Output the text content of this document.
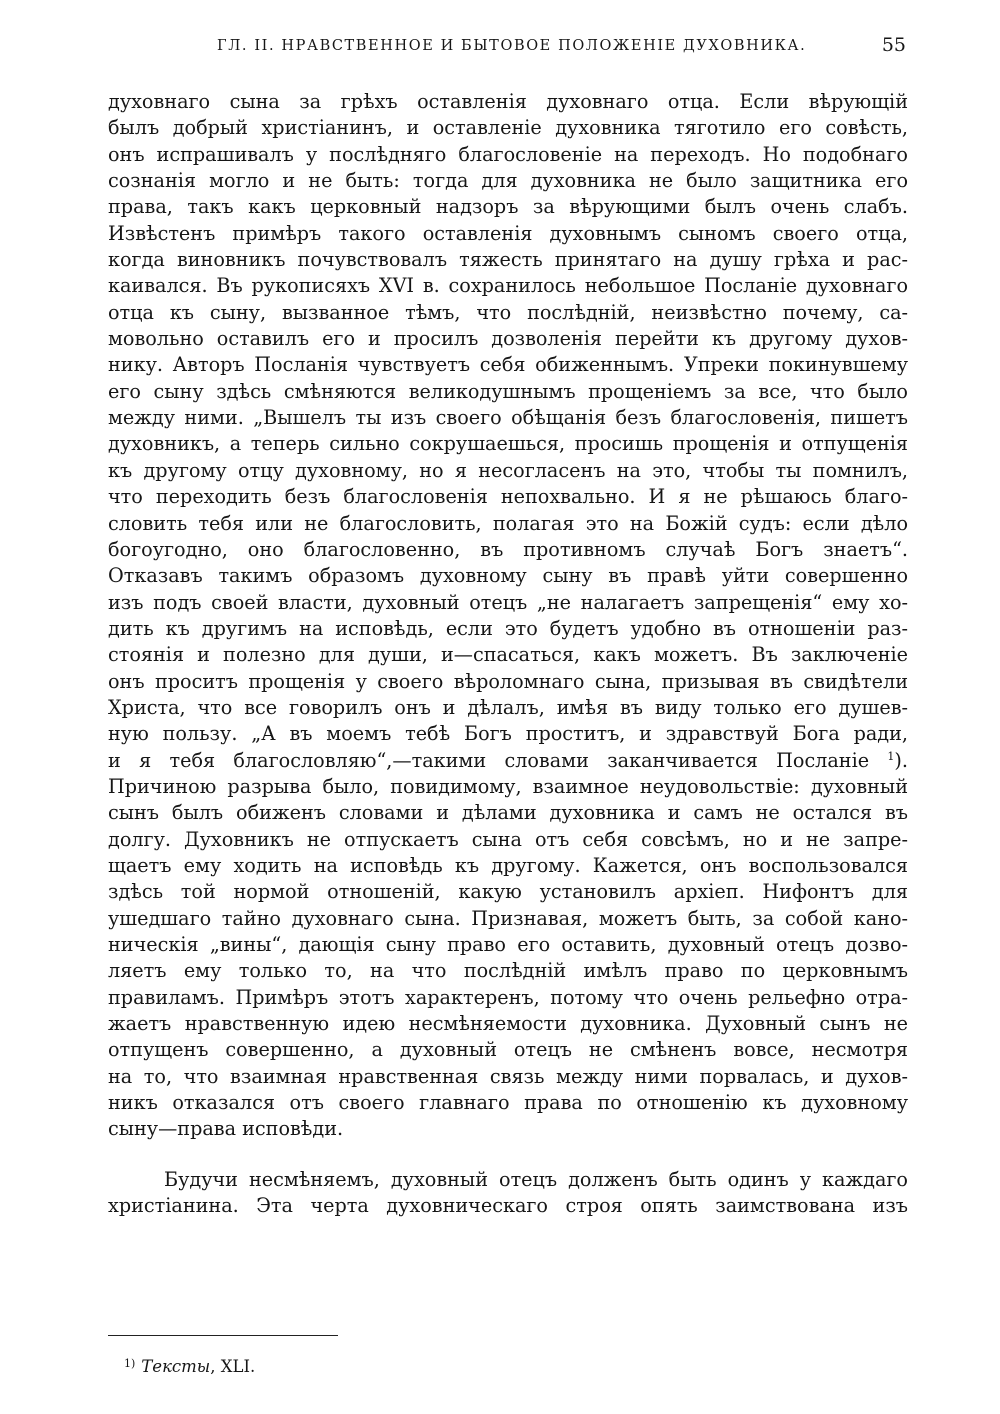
ГЛ. II. НРАВСТВЕННОЕ И БЫТОВОЕ ПОЛОЖЕНІЕ ДУХОВНИКА.	55
духовнаго сына за грѣхъ оставленія духовнаго отца. Если вѣрующій
былъ добрый христіанинъ, и оставленіе духовника тяготило его совѣсть,
онъ испрашивалъ у послѣдняго благословеніе на переходъ. Но подобнаго
сознанія могло и не быть: тогда для духовника не было защитника его
права, такъ какъ церковный надзоръ за вѣрующими былъ очень слабъ.
Извѣстенъ примѣръ такого оставленія духовнымъ сыномъ своего отца,
когда виновникъ почувствовалъ тяжесть принятаго на душу грѣха и рас-
каивался. Въ рукописяхъ XVI в. сохранилось небольшое Посланіе духовнаго
отца къ сыну, вызванное тѣмъ, что послѣдній, неизвѣстно почему, са-
мовольно оставилъ его и просилъ дозволенія перейти къ другому духов-
нику. Авторъ Посланія чувствуетъ себя обиженнымъ. Упреки покинувшему
его сыну здѣсь смѣняются великодушнымъ прощеніемъ за все, что было
между ними. „Вышелъ ты изъ своего обѣщанія безъ благословенія, пишетъ
духовникъ, а теперь сильно сокрушаешься, просишь прощенія и отпущенія
къ другому отцу духовному, но я несогласенъ на это, чтобы ты помнилъ,
что переходить безъ благословенія непохвально. И я не рѣшаюсь благо-
словить тебя или не благословить, полагая это на Божій судъ: если дѣло
богоугодно, оно благословенно, въ противномъ случаѣ Богъ знаетъ“.
Отказавъ такимъ образомъ духовному сыну въ правѣ уйти совершенно
изъ подъ своей власти, духовный отецъ „не налагаетъ запрещенія“ ему хо-
дить къ другимъ на исповѣдь, если это будетъ удобно въ отношеніи раз-
стоянія и полезно для души, и—спасаться, какъ можетъ. Въ заключеніе
онъ проситъ прощенія у своего вѣроломнаго сына, призывая въ свидѣтели
Христа, что все говорилъ онъ и дѣлалъ, имѣя въ виду только его душев-
ную пользу. „А въ моемъ тебѣ Богъ проститъ, и здравствуй Бога ради,
и я тебя благословляю“,—такими словами заканчивается Посланіе $^1$).
Причиною разрыва было, повидимому, взаимное неудовольствіе: духовный
сынъ былъ обиженъ словами и дѣлами духовника и самъ не остался въ
долгу. Духовникъ не отпускаетъ сына отъ себя совсѣмъ, но и не запре-
щаетъ ему ходить на исповѣдь къ другому. Кажется, онъ воспользовался
здѣсь той нормой отношеній, какую установилъ архіеп. Нифонтъ для
ушедшаго тайно духовнаго сына. Признавая, можетъ быть, за собой кано-
ническія „вины“, дающія сыну право его оставить, духовный отецъ дозво-
ляетъ ему только то, на что послѣдній имѣлъ право по церковнымъ
правиламъ. Примѣръ этотъ характеренъ, потому что очень рельефно отра-
жаетъ нравственную идею несмѣняемости духовника. Духовный сынъ не
отпущенъ совершенно, а духовный отецъ не смѣненъ вовсе, несмотря
на то, что взаимная нравственная связь между ними порвалась, и духов-
никъ отказался отъ своего главнаго права по отношенію къ духовному
сыну—права исповѣди.
Будучи несмѣняемъ, духовный отецъ долженъ быть одинъ у каждаго
христіанина. Эта черта духовническаго строя опять заимствована изъ
$^{1)}$ Тексты, XLI.
